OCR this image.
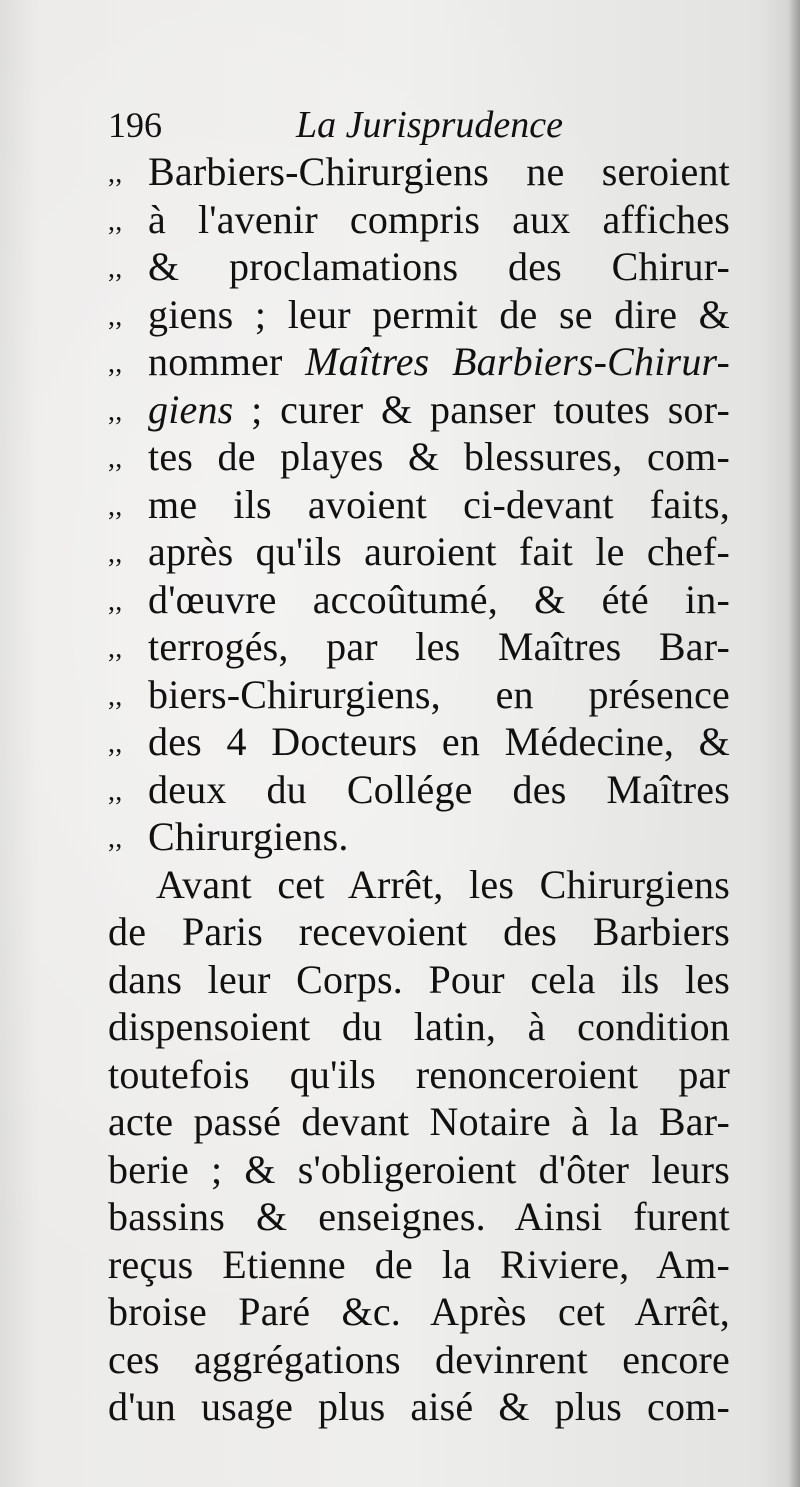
196	La Jurisprudence
,, Barbiers-Chirurgiens ne seroient
,, à l'avenir compris aux affiches
,, & proclamations des Chirur-
,, giens ; leur permit de se dire &
,, nommer Maîtres Barbiers-Chirur-
,, giens ; curer & panser toutes sor-
,, tes de playes & blessures, com-
,, me ils avoient ci-devant faits,
,, après qu'ils auroient fait le chef-
,, d'œuvre accoûtumé, & été in-
,, terrogés, par les Maîtres Bar-
,, biers-Chirurgiens, en présence
,, des 4 Docteurs en Médecine, &
,, deux du Collége des Maîtres
,, Chirurgiens.
Avant cet Arrêt, les Chirurgiens
de Paris recevoient des Barbiers
dans leur Corps. Pour cela ils les
dispensoient du latin, à condition
toutefois qu'ils renonceroient par
acte passé devant Notaire à la Bar-
berie ; & s'obligeroient d'ôter leurs
bassins & enseignes. Ainsi furent
reçus Etienne de la Riviere, Am-
broise Paré &c. Après cet Arrêt,
ces aggrégations devinrent encore
d'un usage plus aisé & plus com-
